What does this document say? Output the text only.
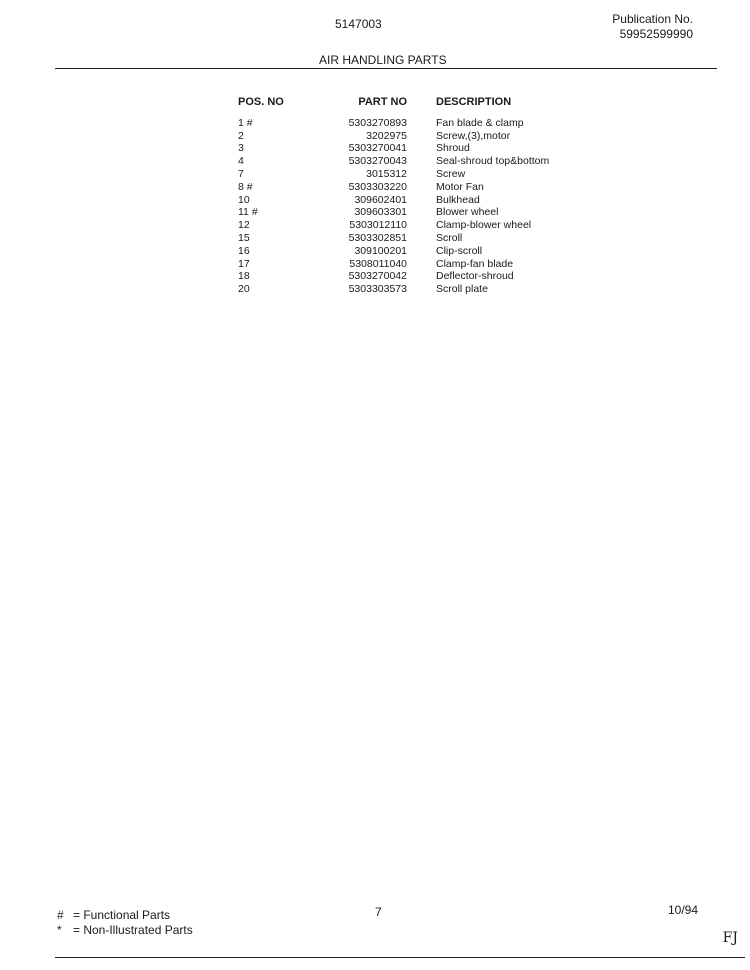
5147003	Publication No.
59952599990
AIR HANDLING PARTS
POS. NO	PART NO	DESCRIPTION
1 #	5303270893	Fan blade & clamp
2	3202975	Screw,(3),motor
3	5303270041	Shroud
4	5303270043	Seal-shroud top&bottom
7	3015312	Screw
8 #	5303303220	Motor Fan
10	309602401	Bulkhead
11 #	309603301	Blower wheel
12	5303012110	Clamp-blower wheel
15	5303302851	Scroll
16	309100201	Clip-scroll
17	5308011040	Clamp-fan blade
18	5303270042	Deflector-shroud
20	5303303573	Scroll plate
# = Functional Parts
* = Non-Illustrated Parts
7	10/94
FJ
